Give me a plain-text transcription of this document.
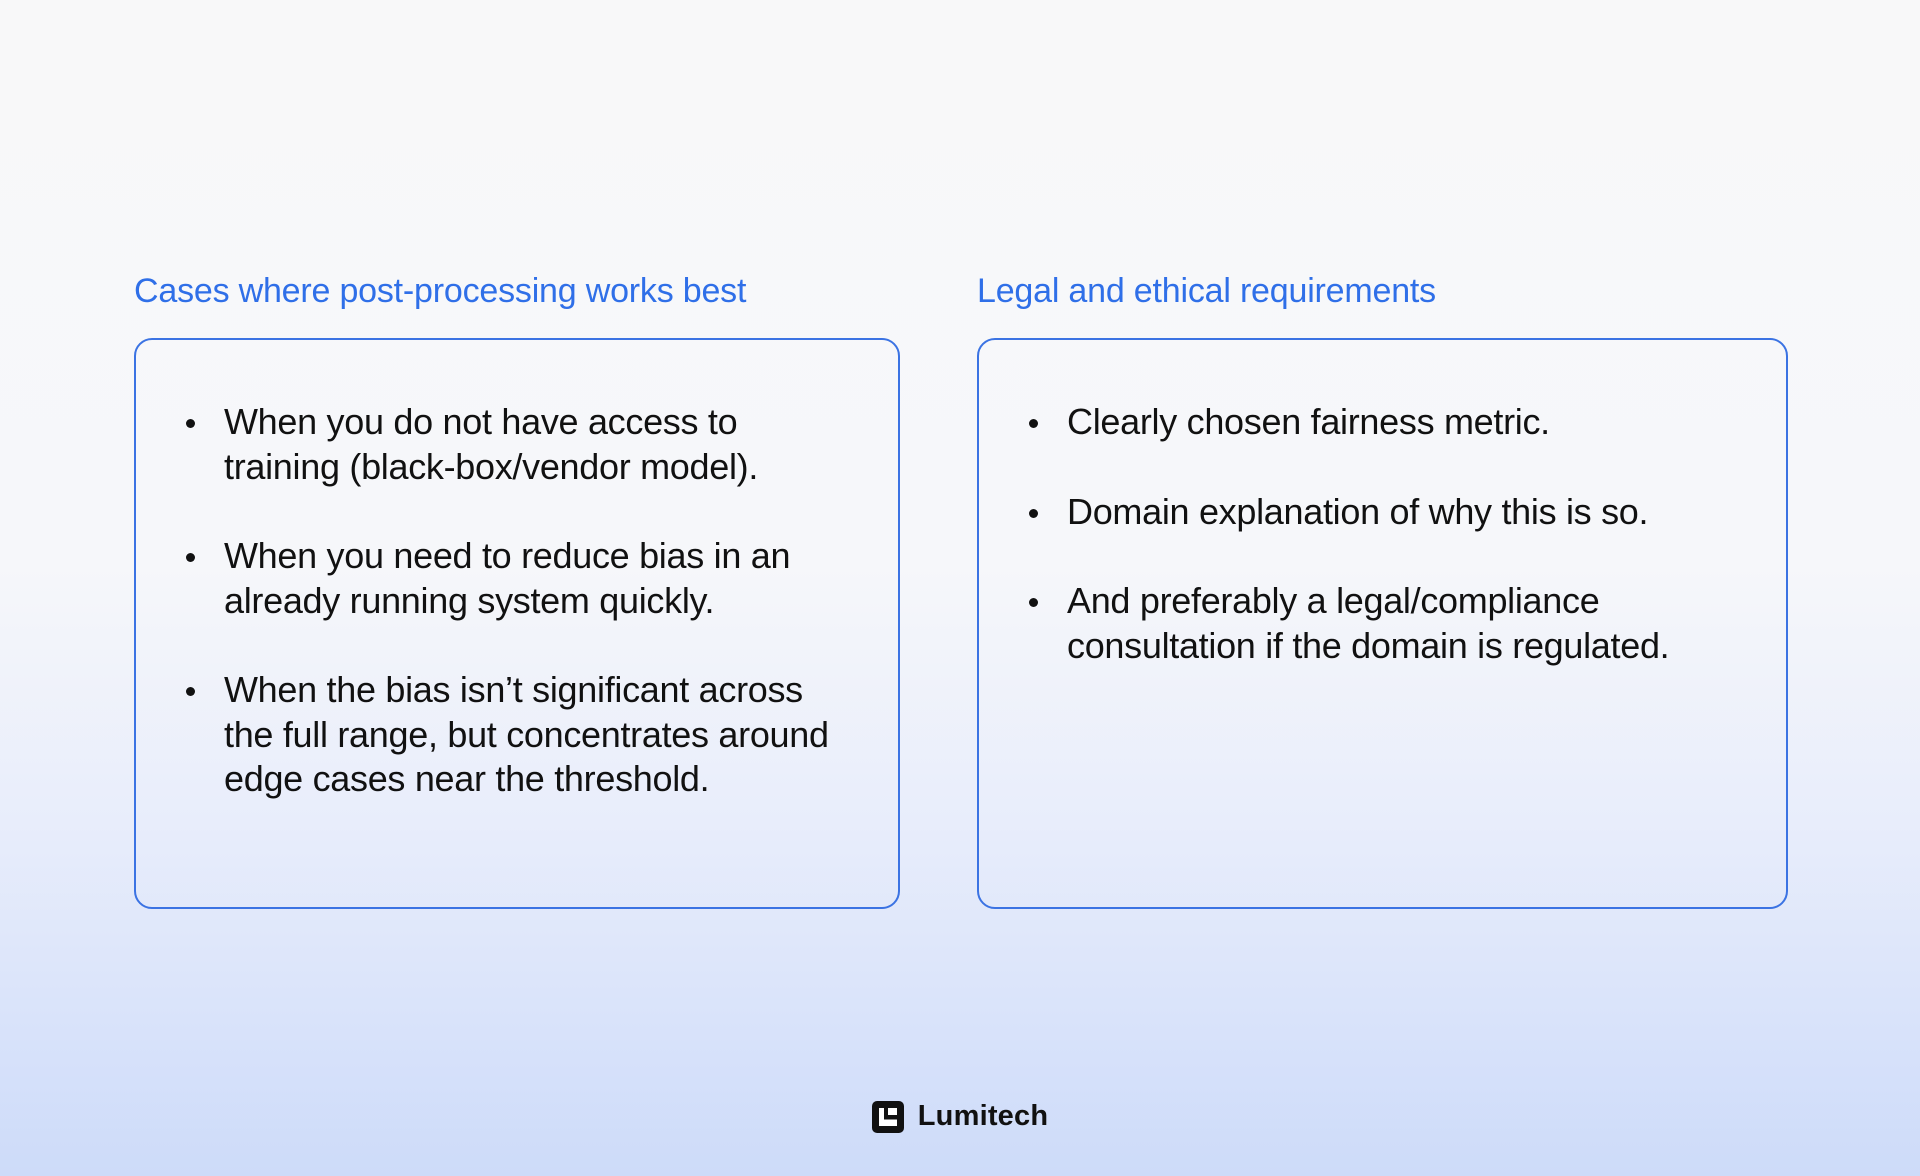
Cases where post-processing works best
When you do not have access to training (black-box/vendor model).
When you need to reduce bias in an already running system quickly.
When the bias isn’t significant across the full range, but concentrates around edge cases near the threshold.
Legal and ethical requirements
Clearly chosen fairness metric.
Domain explanation of why this is so.
And preferably a legal/compliance consultation if the domain is regulated.
Lumitech
